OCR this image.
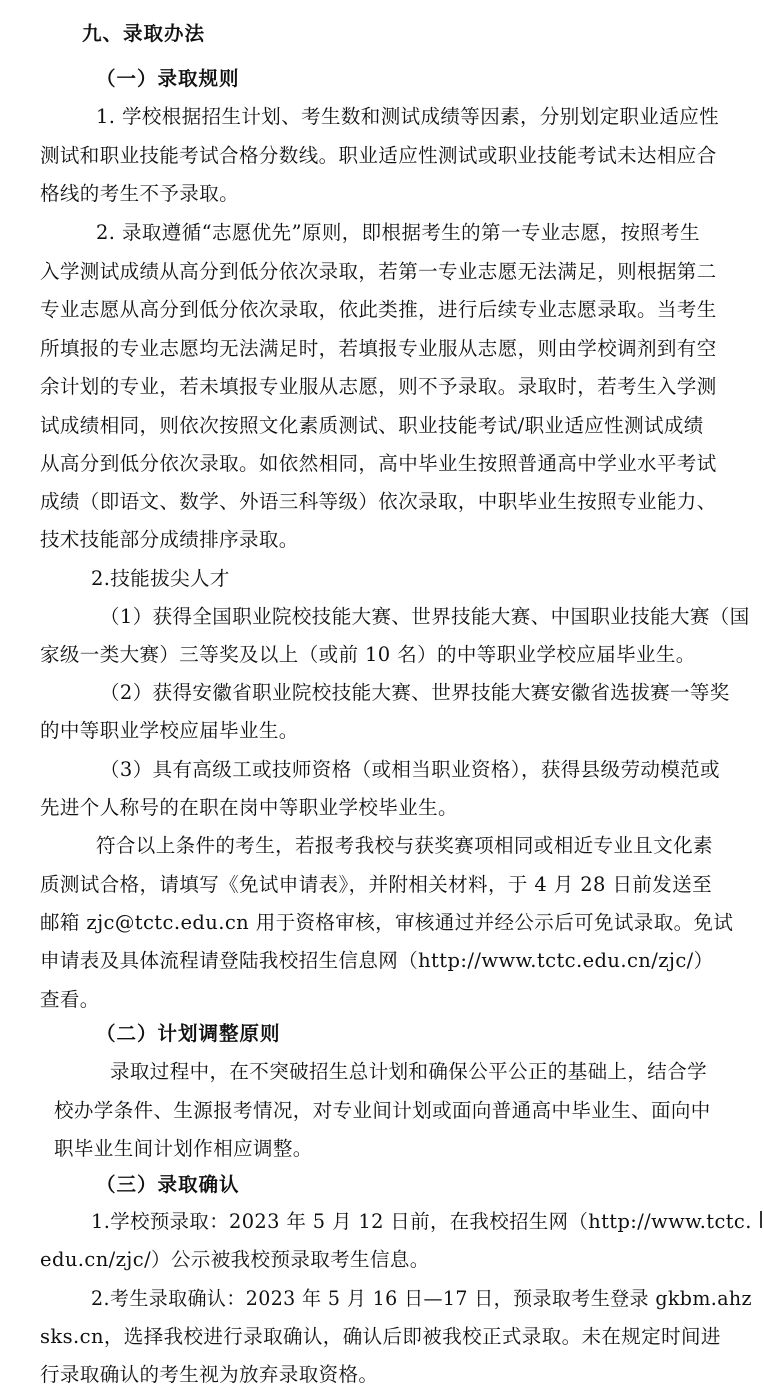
九、录取办法
（一）录取规则
1. 学校根据招生计划、考生数和测试成绩等因素，分别划定职业适应性
测试和职业技能考试合格分数线。职业适应性测试或职业技能考试未达相应合
格线的考生不予录取。
2. 录取遵循“志愿优先”原则，即根据考生的第一专业志愿，按照考生
入学测试成绩从高分到低分依次录取，若第一专业志愿无法满足，则根据第二
专业志愿从高分到低分依次录取，依此类推，进行后续专业志愿录取。当考生
所填报的专业志愿均无法满足时，若填报专业服从志愿，则由学校调剂到有空
余计划的专业，若未填报专业服从志愿，则不予录取。录取时，若考生入学测
试成绩相同，则依次按照文化素质测试、职业技能考试/职业适应性测试成绩
从高分到低分依次录取。如依然相同，高中毕业生按照普通高中学业水平考试
成绩（即语文、数学、外语三科等级）依次录取，中职毕业生按照专业能力、
技术技能部分成绩排序录取。
2.技能拔尖人才
（1）获得全国职业院校技能大赛、世界技能大赛、中国职业技能大赛（国
家级一类大赛）三等奖及以上（或前 10 名）的中等职业学校应届毕业生。
（2）获得安徽省职业院校技能大赛、世界技能大赛安徽省选拔赛一等奖
的中等职业学校应届毕业生。
（3）具有高级工或技师资格（或相当职业资格），获得县级劳动模范或
先进个人称号的在职在岗中等职业学校毕业生。
符合以上条件的考生，若报考我校与获奖赛项相同或相近专业且文化素
质测试合格，请填写《免试申请表》，并附相关材料，于 4 月 28 日前发送至
邮箱 zjc@tctc.edu.cn 用于资格审核，审核通过并经公示后可免试录取。免试
申请表及具体流程请登陆我校招生信息网（http://www.tctc.edu.cn/zjc/）
查看。
（二）计划调整原则
录取过程中，在不突破招生总计划和确保公平公正的基础上，结合学
校办学条件、生源报考情况，对专业间计划或面向普通高中毕业生、面向中
职毕业生间计划作相应调整。
（三）录取确认
1.学校预录取：2023 年 5 月 12 日前，在我校招生网（http://www.tctc.
edu.cn/zjc/）公示被我校预录取考生信息。
2.考生录取确认：2023 年 5 月 16 日—17 日，预录取考生登录 gkbm.ahz
sks.cn，选择我校进行录取确认，确认后即被我校正式录取。未在规定时间进
行录取确认的考生视为放弃录取资格。
